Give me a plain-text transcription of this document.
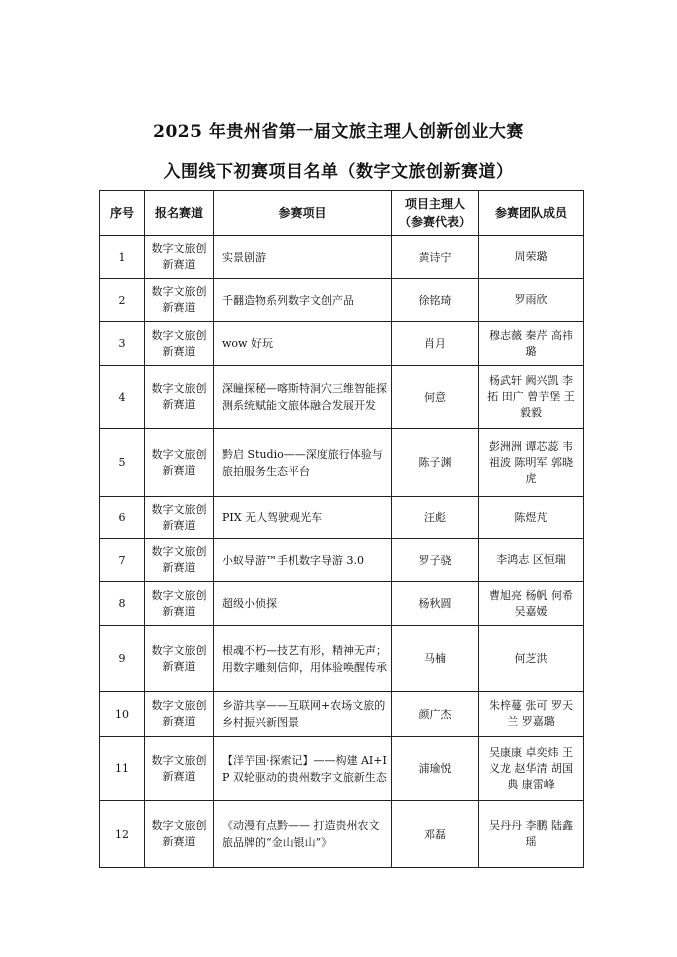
2025 年贵州省第一届文旅主理人创新创业大赛
入围线下初赛项目名单（数字文旅创新赛道）
序号	报名赛道	参赛项目	项目主理人（参赛代表）	参赛团队成员
1	数字文旅创新赛道	实景剧游	黄诗宁	周荣璐
2	数字文旅创新赛道	千翻造物系列数字文创产品	徐铭琦	罗雨欣
3	数字文旅创新赛道	wow 好玩	肖月	穆志薇 秦芹 高祎璐
4	数字文旅创新赛道	深瞳探秘—喀斯特洞穴三维智能探测系统赋能文旅体融合发展开发	何意	杨武轩 阙兴凯 李拓 田广 曾芋堡 王毅毅
5	数字文旅创新赛道	黔启 Studio——深度旅行体验与旅拍服务生态平台	陈子渊	彭洲洲 谭芯蕊 韦祖波 陈明军 郭晓虎
6	数字文旅创新赛道	PIX 无人驾驶观光车	汪彪	陈煜芃
7	数字文旅创新赛道	小蚁导游™手机数字导游 3.0	罗子骁	李鸿志 区恒瑞
8	数字文旅创新赛道	超级小侦探	杨秋圆	曹旭亮 杨帆 何希 吴嘉媛
9	数字文旅创新赛道	根魂不朽—技艺有形，精神无声；用数字雕刻信仰，用体验唤醒传承	马楠	何芝洪
10	数字文旅创新赛道	乡游共享——互联网+农场文旅的乡村振兴新图景	颜广杰	朱梓蔓 张可 罗天兰 罗嘉璐
11	数字文旅创新赛道	【洋芋国·探索记】——构建 AI+IP 双轮驱动的贵州数字文旅新生态	浦瑜悦	吴康康 卓奕炜 王义龙 赵华清 胡国典 康雷峰
12	数字文旅创新赛道	《动漫有点黔—— 打造贵州农文旅品牌的“金山银山”》	邓磊	吴丹丹 李鹏 陆鑫瑶
